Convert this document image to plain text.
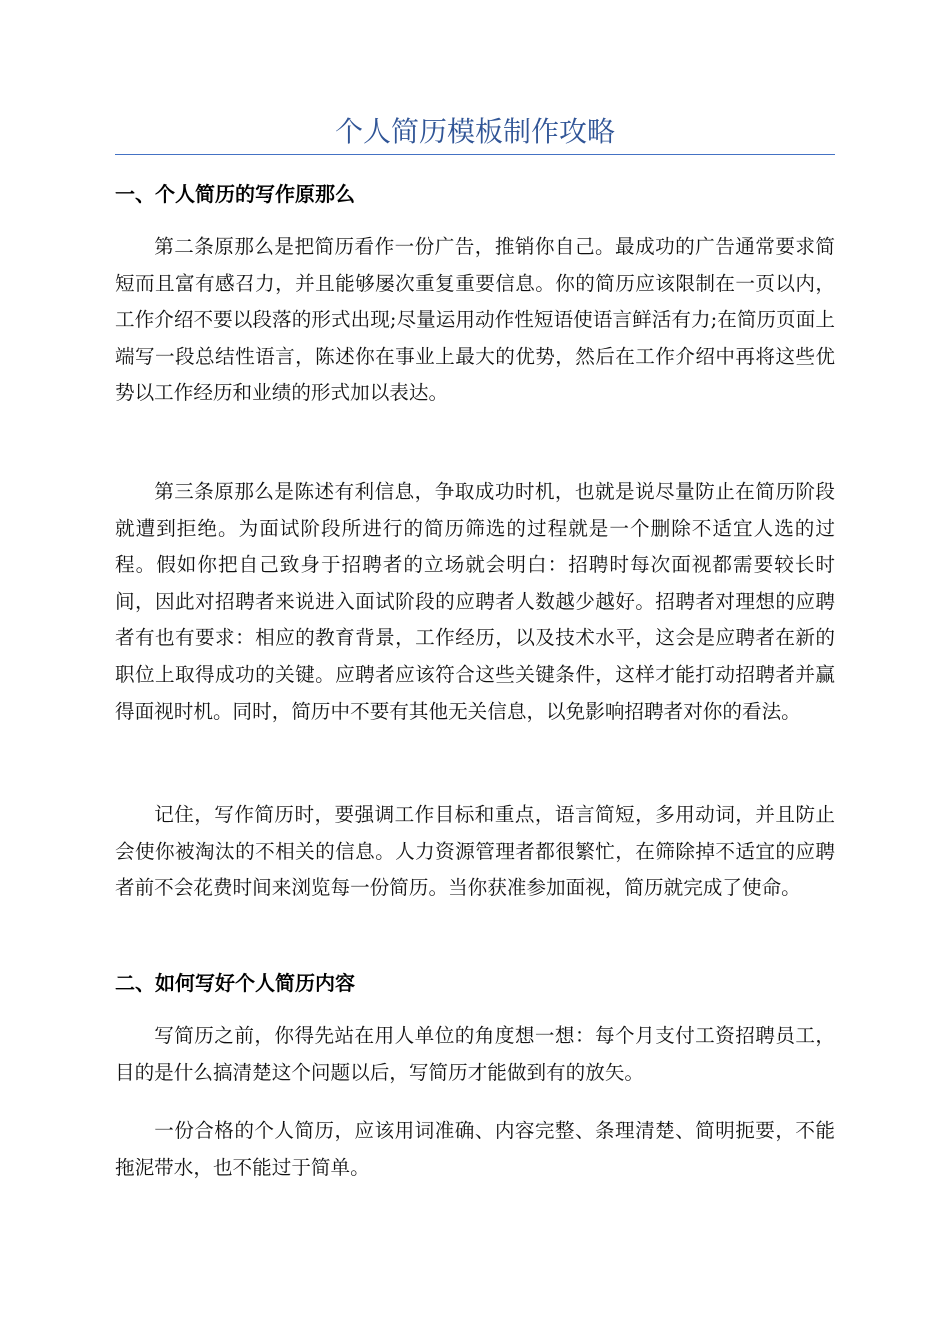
个人简历模板制作攻略
一、个人简历的写作原那么

第二条原那么是把简历看作一份广告，推销你自己。最成功的广告通常要求简短而且富有感召力，并且能够屡次重复重要信息。你的简历应该限制在一页以内，工作介绍不要以段落的形式出现;尽量运用动作性短语使语言鲜活有力;在简历页面上端写一段总结性语言，陈述你在事业上最大的优势，然后在工作介绍中再将这些优势以工作经历和业绩的形式加以表达。

第三条原那么是陈述有利信息，争取成功时机，也就是说尽量防止在简历阶段就遭到拒绝。为面试阶段所进行的简历筛选的过程就是一个删除不适宜人选的过程。假如你把自己致身于招聘者的立场就会明白：招聘时每次面视都需要较长时间，因此对招聘者来说进入面试阶段的应聘者人数越少越好。招聘者对理想的应聘者有也有要求：相应的教育背景，工作经历，以及技术水平，这会是应聘者在新的职位上取得成功的关键。应聘者应该符合这些关键条件，这样才能打动招聘者并赢得面视时机。同时，简历中不要有其他无关信息，以免影响招聘者对你的看法。

记住，写作简历时，要强调工作目标和重点，语言简短，多用动词，并且防止会使你被淘汰的不相关的信息。人力资源管理者都很繁忙，在筛除掉不适宜的应聘者前不会花费时间来浏览每一份简历。当你获准参加面视，简历就完成了使命。

二、如何写好个人简历内容

写简历之前，你得先站在用人单位的角度想一想：每个月支付工资招聘员工，目的是什么搞清楚这个问题以后，写简历才能做到有的放矢。

一份合格的个人简历，应该用词准确、内容完整、条理清楚、简明扼要，不能拖泥带水，也不能过于简单。
